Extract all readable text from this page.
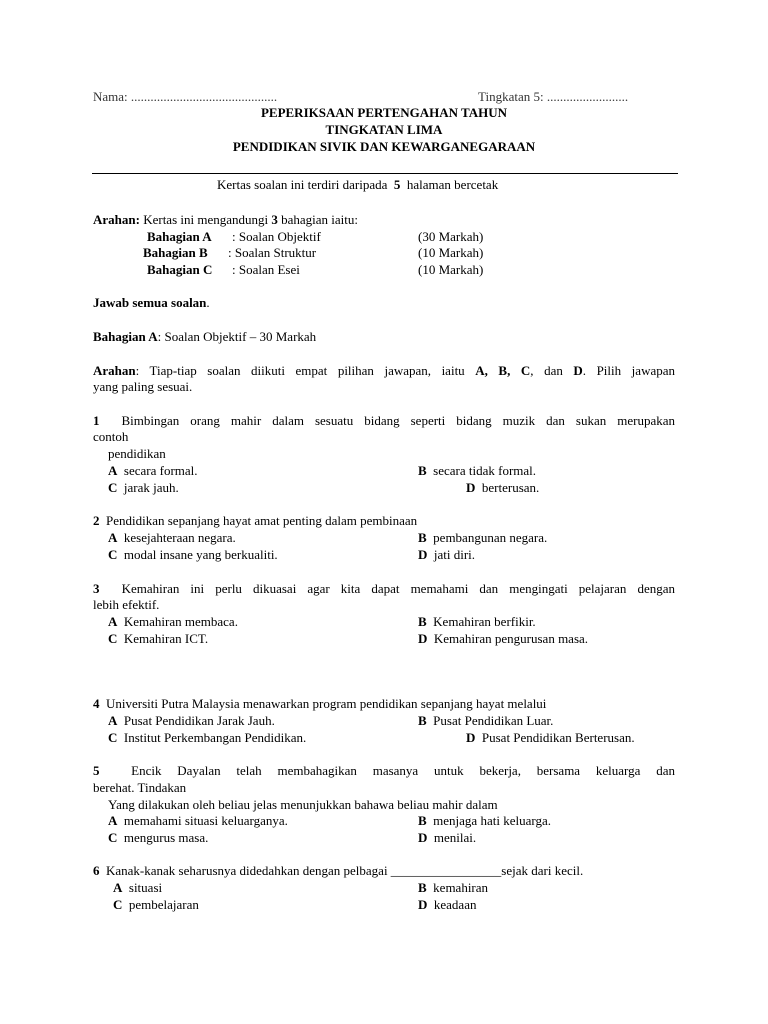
Nama: .............................................	Tingkatan 5: .........................
PEPERIKSAAN PERTENGAHAN TAHUN
TINGKATAN LIMA
PENDIDIKAN SIVIK DAN KEWARGANEGARAAN
Kertas soalan ini terdiri daripada 5 halaman bercetak
Arahan: Kertas ini mengandungi 3 bahagian iaitu:
Bahagian A : Soalan Objektif	(30 Markah)
Bahagian B : Soalan Struktur	(10 Markah)
Bahagian C : Soalan Esei	(10 Markah)
Jawab semua soalan.
Bahagian A: Soalan Objektif – 30 Markah
Arahan: Tiap-tiap soalan diikuti empat pilihan jawapan, iaitu A, B, C, dan D. Pilih jawapan
yang paling sesuai.
1 Bimbingan orang mahir dalam sesuatu bidang seperti bidang muzik dan sukan merupakan
contoh
pendidikan
A secara formal.	B secara tidak formal.
C jarak jauh.	D berterusan.
2 Pendidikan sepanjang hayat amat penting dalam pembinaan
A kesejahteraan negara.	B pembangunan negara.
C modal insane yang berkualiti.	D jati diri.
3 Kemahiran ini perlu dikuasai agar kita dapat memahami dan mengingati pelajaran dengan
lebih efektif.
A Kemahiran membaca.	B Kemahiran berfikir.
C Kemahiran ICT.	D Kemahiran pengurusan masa.
4 Universiti Putra Malaysia menawarkan program pendidikan sepanjang hayat melalui
A Pusat Pendidikan Jarak Jauh.	B Pusat Pendidikan Luar.
C Institut Perkembangan Pendidikan.	D Pusat Pendidikan Berterusan.
5 Encik Dayalan telah membahagikan masanya untuk bekerja, bersama keluarga dan
berehat. Tindakan
Yang dilakukan oleh beliau jelas menunjukkan bahawa beliau mahir dalam
A memahami situasi keluarganya.	B menjaga hati keluarga.
C mengurus masa.	D menilai.
6 Kanak-kanak seharusnya didedahkan dengan pelbagai _________________sejak dari kecil.
A situasi	B kemahiran
C pembelajaran	D keadaan
